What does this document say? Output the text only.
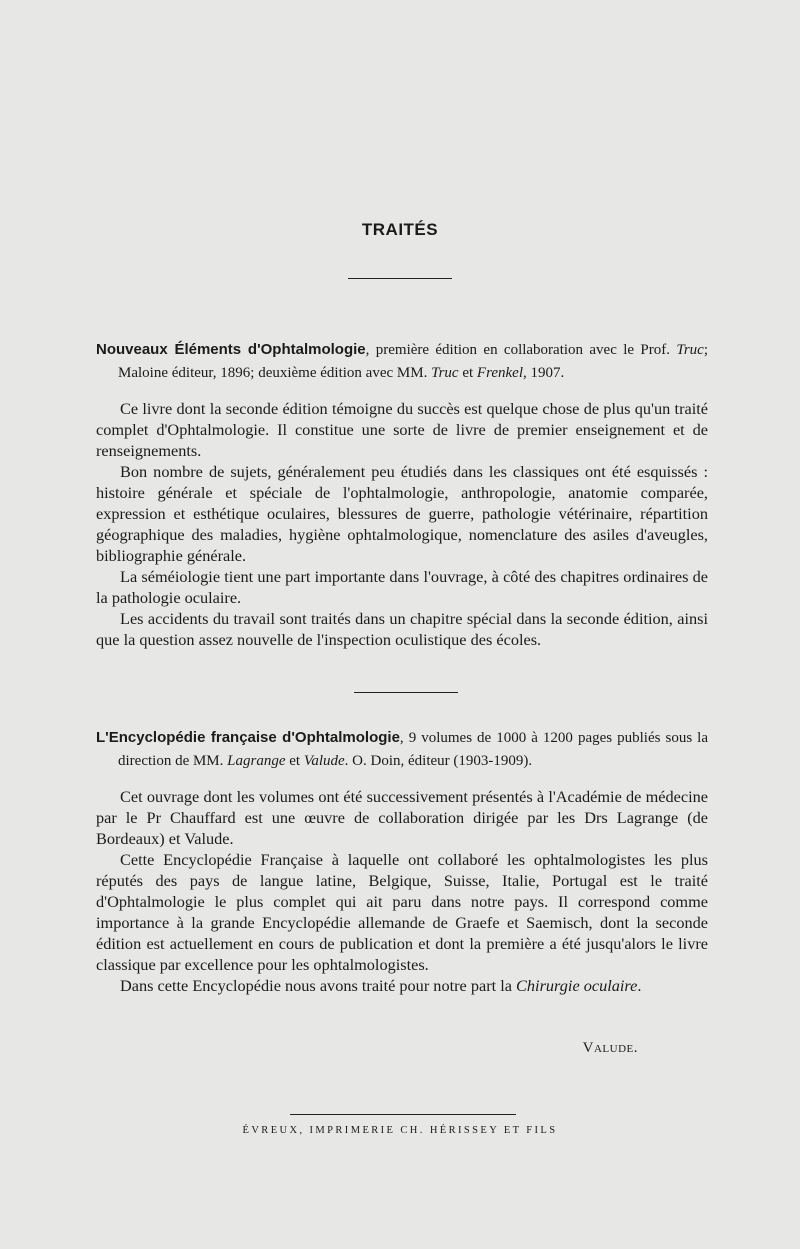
TRAITÉS
Nouveaux Éléments d'Ophtalmologie, première édition en collaboration avec le Prof. Truc; Maloine éditeur, 1896; deuxième édition avec MM. Truc et Frenkel, 1907.

Ce livre dont la seconde édition témoigne du succès est quelque chose de plus qu'un traité complet d'Ophtalmologie. Il constitue une sorte de livre de premier enseignement et de renseignements.

Bon nombre de sujets, généralement peu étudiés dans les classiques ont été esquissés : histoire générale et spéciale de l'ophtalmologie, anthropologie, anatomie comparée, expression et esthétique oculaires, blessures de guerre, pathologie vétérinaire, répartition géographique des maladies, hygiène ophtalmologique, nomenclature des asiles d'aveugles, bibliographie générale.

La séméiologie tient une part importante dans l'ouvrage, à côté des chapitres ordinaires de la pathologie oculaire.

Les accidents du travail sont traités dans un chapitre spécial dans la seconde édition, ainsi que la question assez nouvelle de l'inspection oculistique des écoles.

L'Encyclopédie française d'Ophtalmologie, 9 volumes de 1000 à 1200 pages publiés sous la direction de MM. Lagrange et Valude. O. Doin, éditeur (1903-1909).

Cet ouvrage dont les volumes ont été successivement présentés à l'Académie de médecine par le Pr Chauffard est une œuvre de collaboration dirigée par les Drs Lagrange (de Bordeaux) et Valude.

Cette Encyclopédie Française à laquelle ont collaboré les ophtalmologistes les plus réputés des pays de langue latine, Belgique, Suisse, Italie, Portugal est le traité d'Ophtalmologie le plus complet qui ait paru dans notre pays. Il correspond comme importance à la grande Encyclopédie allemande de Graefe et Saemisch, dont la seconde édition est actuellement en cours de publication et dont la première a été jusqu'alors le livre classique par excellence pour les ophtalmologistes.

Dans cette Encyclopédie nous avons traité pour notre part la Chirurgie oculaire.

Valude.
ÉVREUX, IMPRIMERIE CH. HÉRISSEY ET FILS
